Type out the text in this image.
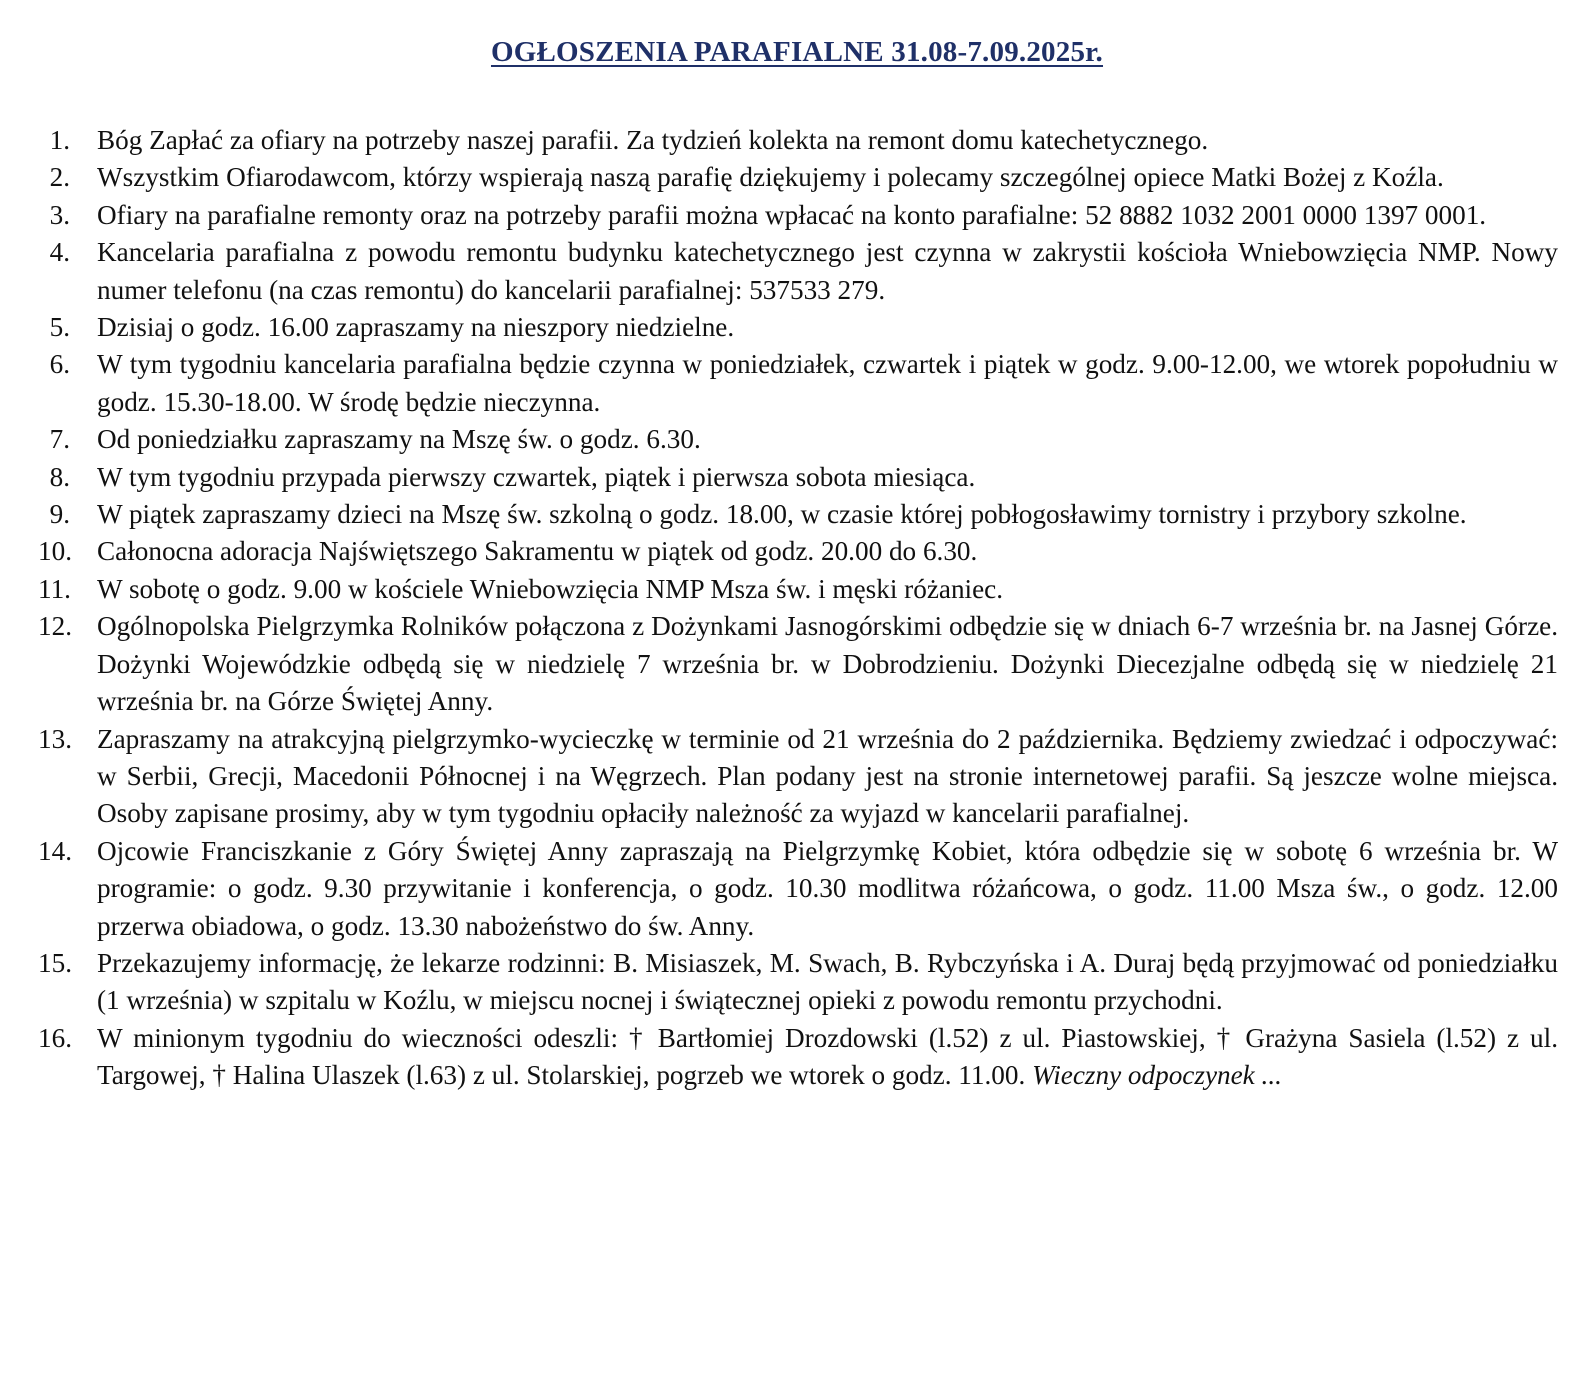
OGŁOSZENIA PARAFIALNE 31.08-7.09.2025r.
1. Bóg Zapłać za ofiary na potrzeby naszej parafii. Za tydzień kolekta na remont domu katechetycznego.
2. Wszystkim Ofiarodawcom, którzy wspierają naszą parafię dziękujemy i polecamy szczególnej opiece Matki Bożej z Koźla.
3. Ofiary na parafialne remonty oraz na potrzeby parafii można wpłacać na konto parafialne: 52 8882 1032 2001 0000 1397 0001.
4. Kancelaria parafialna z powodu remontu budynku katechetycznego jest czynna w zakrystii kościoła Wniebowzięcia NMP. Nowy numer telefonu (na czas remontu) do kancelarii parafialnej: 537533 279.
5. Dzisiaj o godz. 16.00 zapraszamy na nieszpory niedzielne.
6. W tym tygodniu kancelaria parafialna będzie czynna w poniedziałek, czwartek i piątek w godz. 9.00-12.00, we wtorek popołudniu w godz. 15.30-18.00. W środę będzie nieczynna.
7. Od poniedziałku zapraszamy na Mszę św. o godz. 6.30.
8. W tym tygodniu przypada pierwszy czwartek, piątek i pierwsza sobota miesiąca.
9. W piątek zapraszamy dzieci na Mszę św. szkolną o godz. 18.00, w czasie której pobłogosławimy tornistry i przybory szkolne.
10. Całonocna adoracja Najświętszego Sakramentu w piątek od godz. 20.00 do 6.30.
11. W sobotę o godz. 9.00 w kościele Wniebowzięcia NMP Msza św. i męski różaniec.
12. Ogólnopolska Pielgrzymka Rolników połączona z Dożynkami Jasnogórskimi odbędzie się w dniach 6-7 września br. na Jasnej Górze. Dożynki Wojewódzkie odbędą się w niedzielę 7 września br. w Dobrodzieniu. Dożynki Diecezjalne odbędą się w niedzielę 21 września br. na Górze Świętej Anny.
13. Zapraszamy na atrakcyjną pielgrzymko-wycieczkę w terminie od 21 września do 2 października. Będziemy zwiedzać i odpoczywać: w Serbii, Grecji, Macedonii Północnej i na Węgrzech. Plan podany jest na stronie internetowej parafii. Są jeszcze wolne miejsca. Osoby zapisane prosimy, aby w tym tygodniu opłaciły należność za wyjazd w kancelarii parafialnej.
14. Ojcowie Franciszkanie z Góry Świętej Anny zapraszają na Pielgrzymkę Kobiet, która odbędzie się w sobotę 6 września br. W programie: o godz. 9.30 przywitanie i konferencja, o godz. 10.30 modlitwa różańcowa, o godz. 11.00 Msza św., o godz. 12.00 przerwa obiadowa, o godz. 13.30 nabożeństwo do św. Anny.
15. Przekazujemy informację, że lekarze rodzinni: B. Misiaszek, M. Swach, B. Rybczyńska i A. Duraj będą przyjmować od poniedziałku (1 września) w szpitalu w Koźlu, w miejscu nocnej i świątecznej opieki z powodu remontu przychodni.
16. W minionym tygodniu do wieczności odeszli: † Bartłomiej Drozdowski (l.52) z ul. Piastowskiej, † Grażyna Sasiela (l.52) z ul. Targowej, † Halina Ulaszek (l.63) z ul. Stolarskiej, pogrzeb we wtorek o godz. 11.00. Wieczny odpoczynek ...
